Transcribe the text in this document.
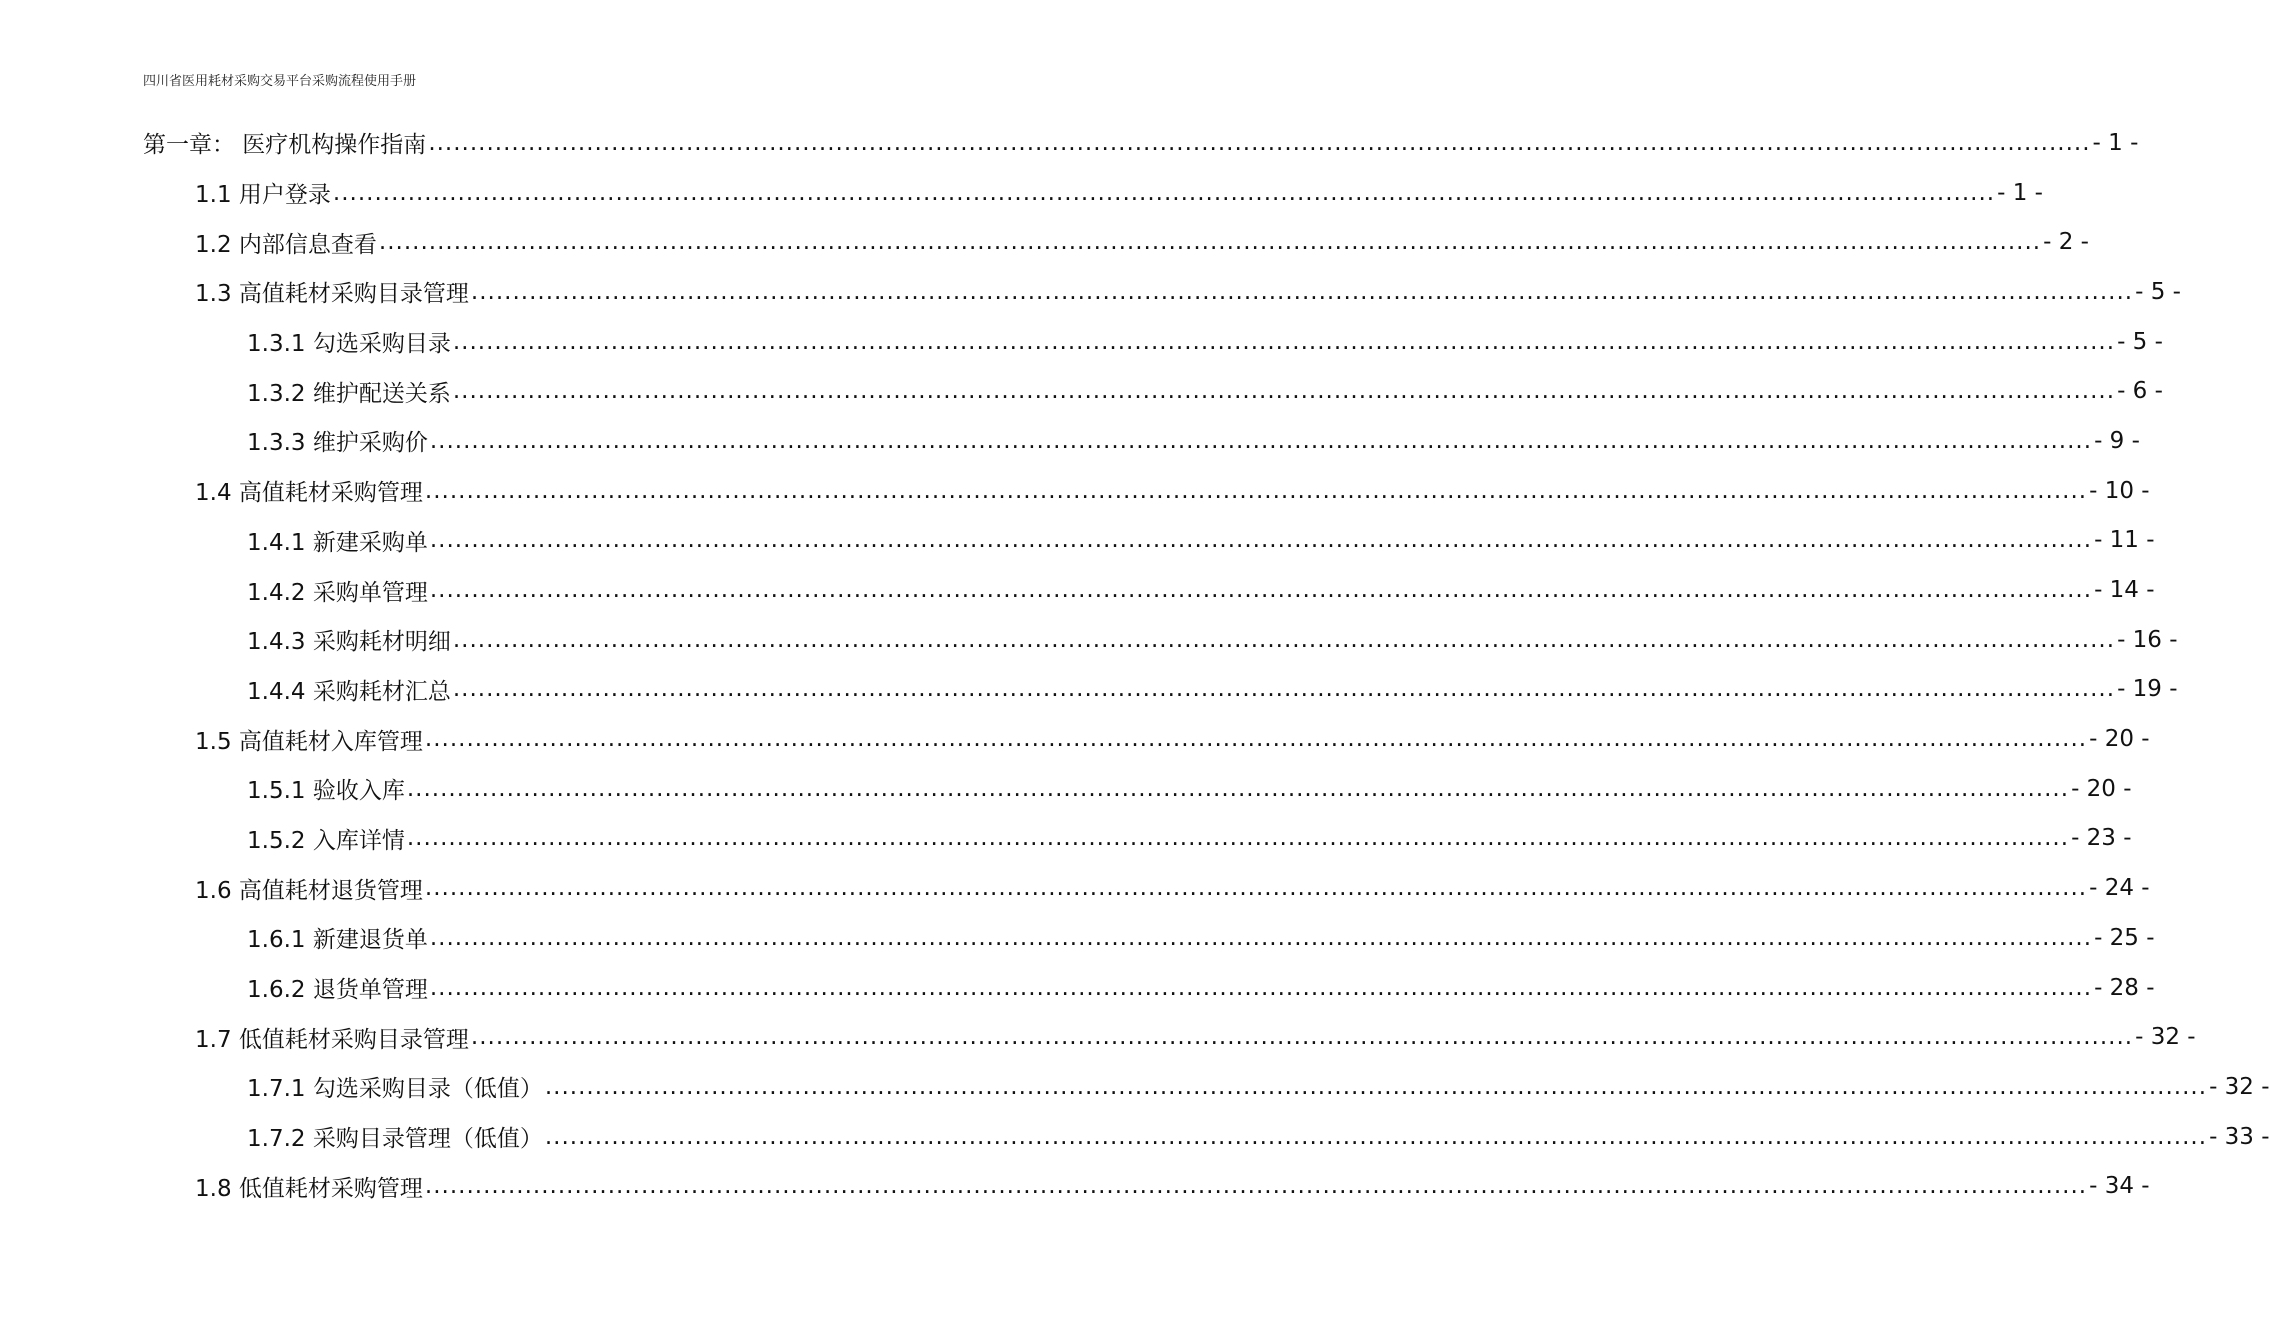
四川省医用耗材采购交易平台采购流程使用手册
第一章： 医疗机构操作指南 ........................................................................................................................................................................................................ - 1 -
1.1 用户登录 ........................................................................................................................................................................................................ - 1 -
1.2 内部信息查看 ........................................................................................................................................................................................................ - 2 -
1.3 高值耗材采购目录管理 ........................................................................................................................................................................................................ - 5 -
1.3.1 勾选采购目录 ........................................................................................................................................................................................................ - 5 -
1.3.2 维护配送关系 ........................................................................................................................................................................................................ - 6 -
1.3.3 维护采购价 ........................................................................................................................................................................................................ - 9 -
1.4 高值耗材采购管理 ........................................................................................................................................................................................................ - 10 -
1.4.1 新建采购单 ........................................................................................................................................................................................................ - 11 -
1.4.2 采购单管理 ........................................................................................................................................................................................................ - 14 -
1.4.3 采购耗材明细 ........................................................................................................................................................................................................ - 16 -
1.4.4 采购耗材汇总 ........................................................................................................................................................................................................ - 19 -
1.5 高值耗材入库管理 ........................................................................................................................................................................................................ - 20 -
1.5.1 验收入库 ........................................................................................................................................................................................................ - 20 -
1.5.2 入库详情 ........................................................................................................................................................................................................ - 23 -
1.6 高值耗材退货管理 ........................................................................................................................................................................................................ - 24 -
1.6.1 新建退货单 ........................................................................................................................................................................................................ - 25 -
1.6.2 退货单管理 ........................................................................................................................................................................................................ - 28 -
1.7 低值耗材采购目录管理 ........................................................................................................................................................................................................ - 32 -
1.7.1 勾选采购目录（低值） ........................................................................................................................................................................................................ - 32 -
1.7.2 采购目录管理（低值） ........................................................................................................................................................................................................ - 33 -
1.8 低值耗材采购管理 ........................................................................................................................................................................................................ - 34 -
